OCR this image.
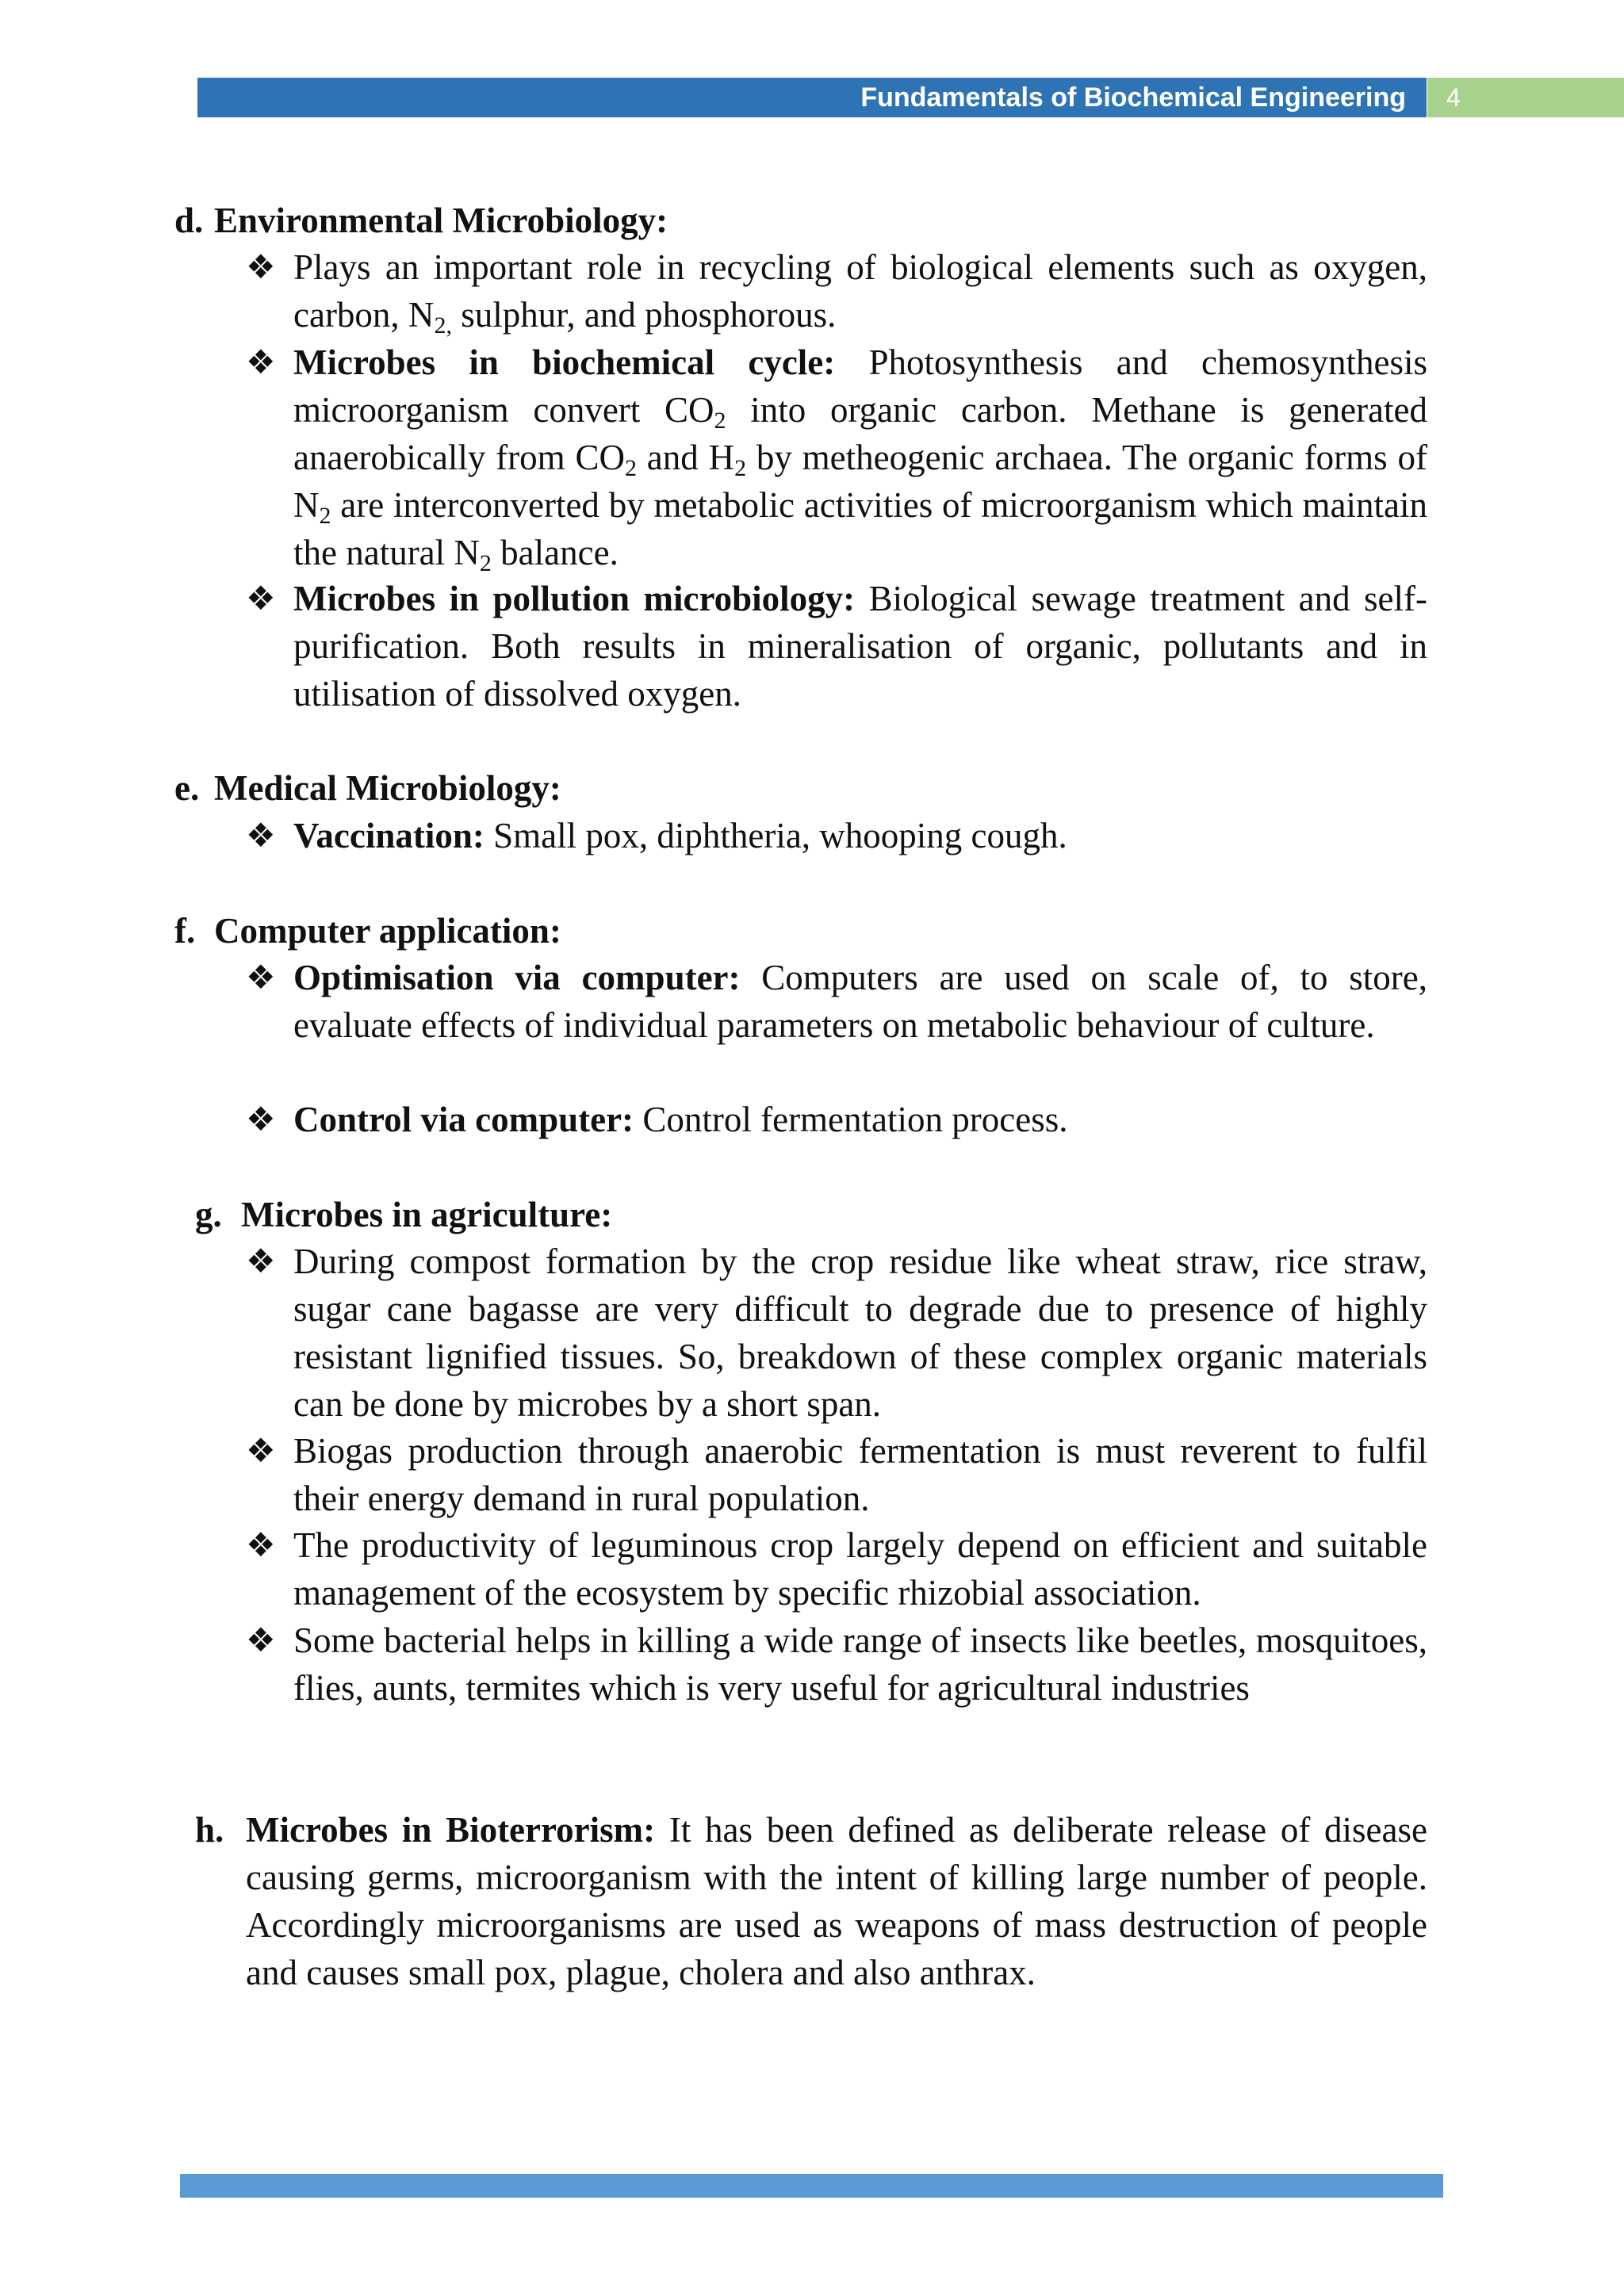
Fundamentals of Biochemical Engineering	4
d. Environmental Microbiology:
❖ Plays an important role in recycling of biological elements such as oxygen, carbon, $N_{2,}$ sulphur, and phosphorous.
❖ Microbes in biochemical cycle: Photosynthesis and chemosynthesis microorganism convert $CO_2$ into organic carbon. Methane is generated anaerobically from $CO_2$ and $H_2$ by metheogenic archaea. The organic forms of $N_2$ are interconverted by metabolic activities of microorganism which maintain the natural $N_2$ balance.
❖ Microbes in pollution microbiology: Biological sewage treatment and self-purification. Both results in mineralisation of organic, pollutants and in utilisation of dissolved oxygen.
e. Medical Microbiology:
❖ Vaccination: Small pox, diphtheria, whooping cough.
f. Computer application:
❖ Optimisation via computer: Computers are used on scale of, to store, evaluate effects of individual parameters on metabolic behaviour of culture.
❖ Control via computer: Control fermentation process.
g. Microbes in agriculture:
❖ During compost formation by the crop residue like wheat straw, rice straw, sugar cane bagasse are very difficult to degrade due to presence of highly resistant lignified tissues. So, breakdown of these complex organic materials can be done by microbes by a short span.
❖ Biogas production through anaerobic fermentation is must reverent to fulfil their energy demand in rural population.
❖ The productivity of leguminous crop largely depend on efficient and suitable management of the ecosystem by specific rhizobial association.
❖ Some bacterial helps in killing a wide range of insects like beetles, mosquitoes, flies, aunts, termites which is very useful for agricultural industries
h. Microbes in Bioterrorism: It has been defined as deliberate release of disease causing germs, microorganism with the intent of killing large number of people. Accordingly microorganisms are used as weapons of mass destruction of people and causes small pox, plague, cholera and also anthrax.
